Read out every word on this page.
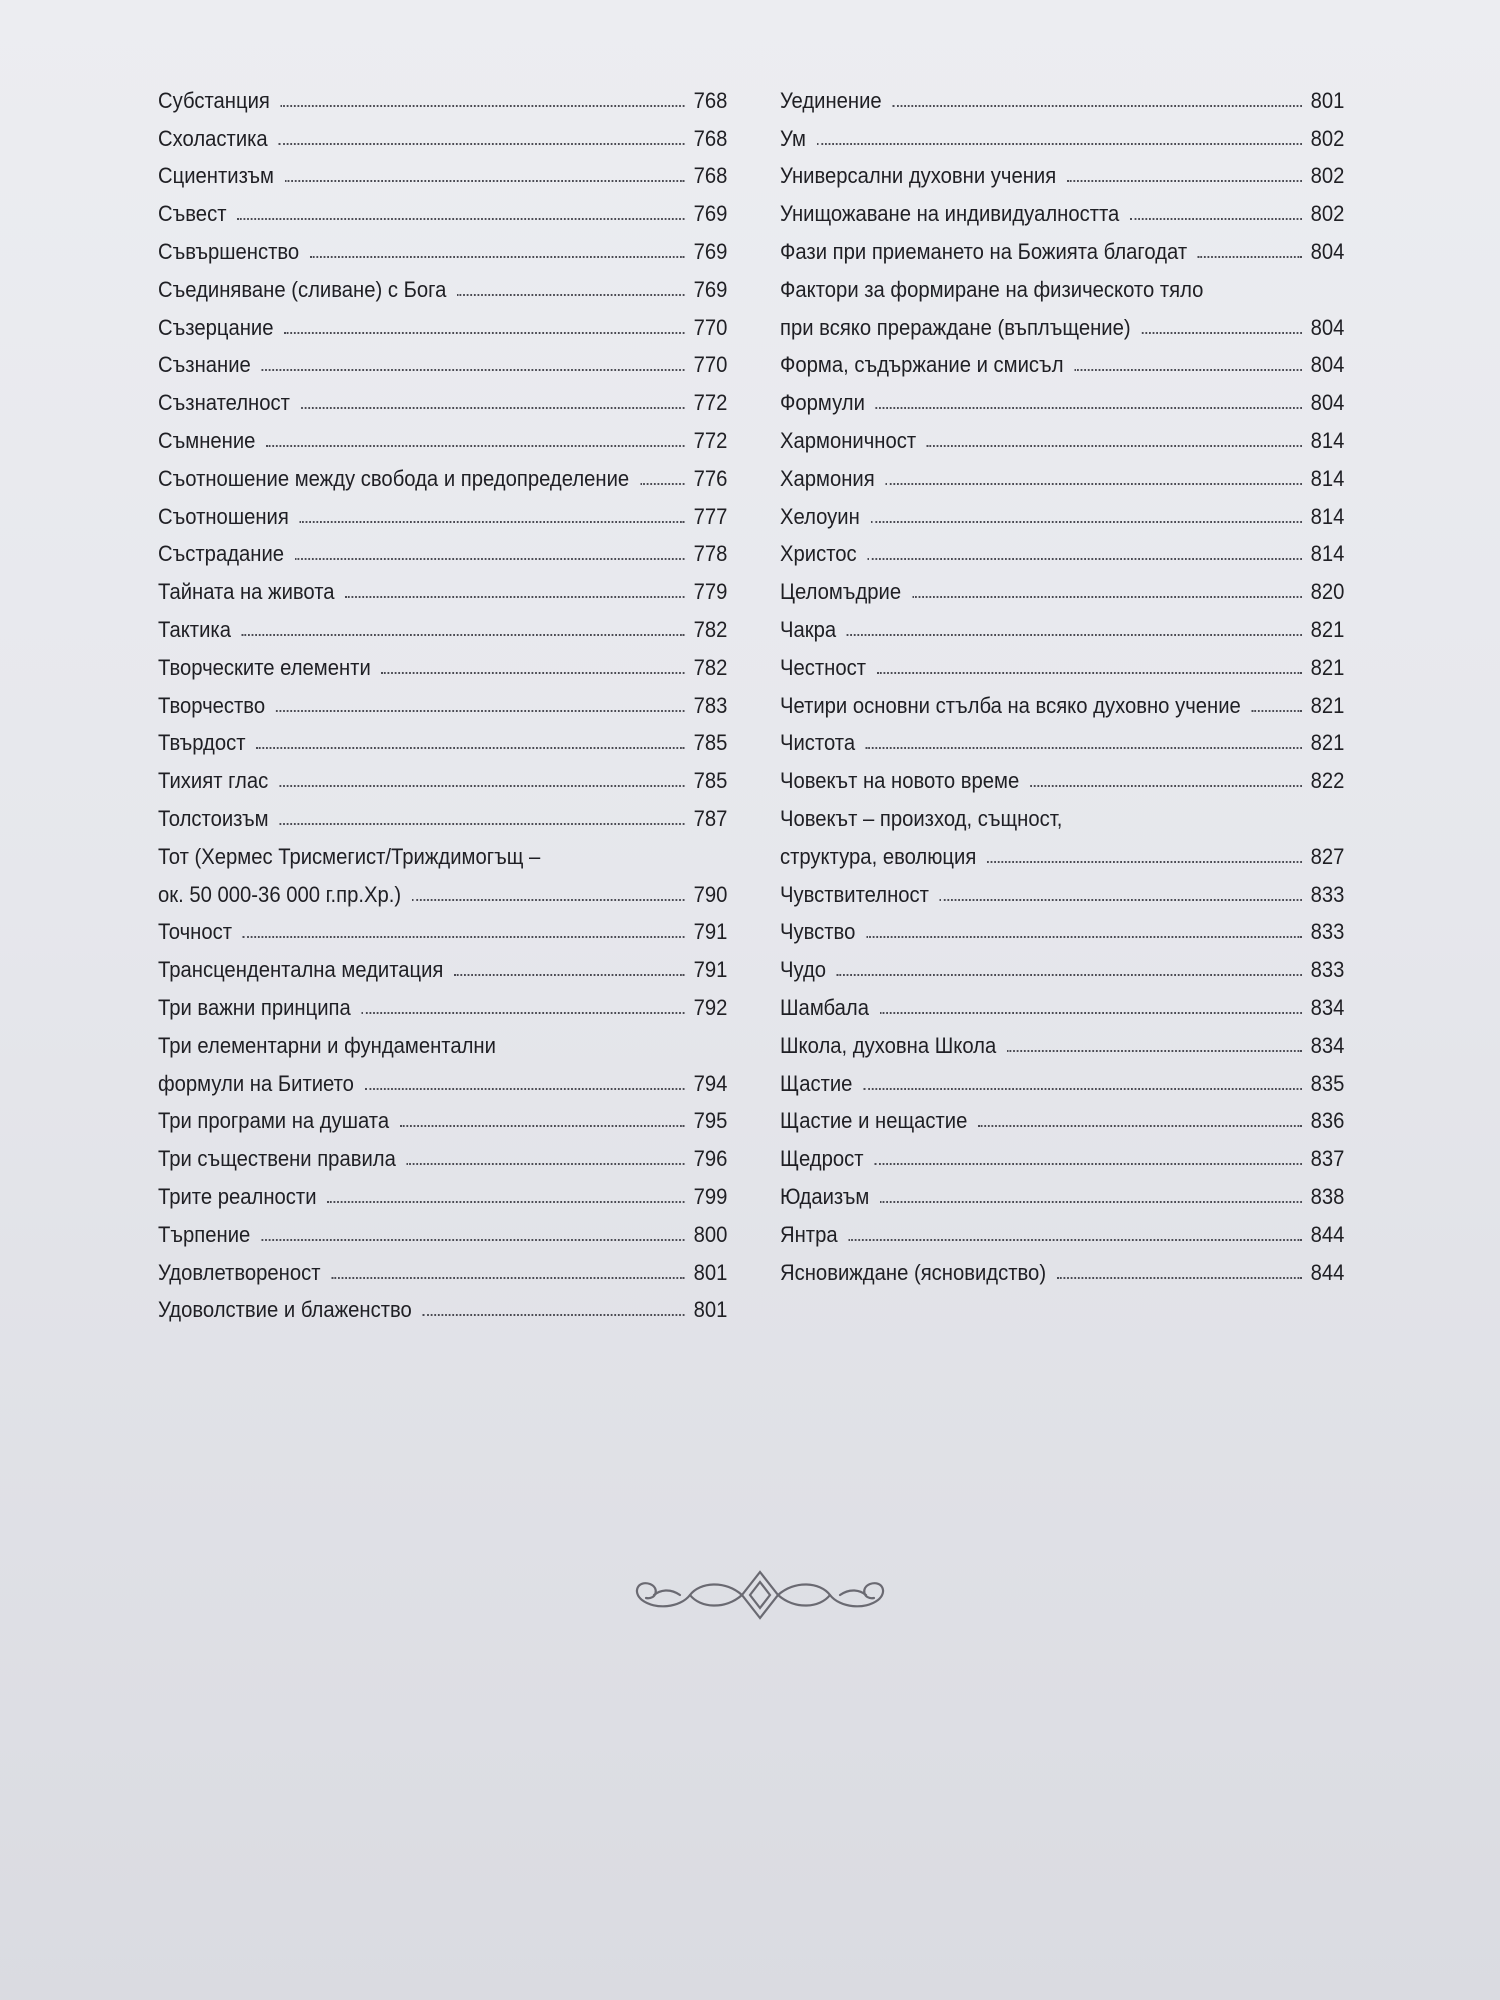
Субстанция	768
Схоластика	768
Сциентизъм	768
Съвест	769
Съвършенство	769
Съединяване (сливане) с Бога	769
Съзерцание	770
Съзнание	770
Съзнателност	772
Съмнение	772
Съотношение между свобода и предопределение	776
Съотношения	777
Състрадание	778
Тайната на живота	779
Тактика	782
Творческите елементи	782
Творчество	783
Твърдост	785
Тихият глас	785
Толстоизъм	787
Тот (Хермес Трисмегист/Триждимогъщ –
ок. 50 000-36 000 г.пр.Хр.)	790
Точност	791
Трансцендентална медитация	791
Три важни принципа	792
Три елементарни и фундаментални
формули на Битието	794
Три програми на душата	795
Три съществени правила	796
Трите реалности	799
Търпение	800
Удовлетвореност	801
Удоволствие и блаженство	801
Уединение	801
Ум	802
Универсални духовни учения	802
Унищожаване на индивидуалността	802
Фази при приемането на Божията благодат	804
Фактори за формиране на физическото тяло
при всяко прераждане (въплъщение)	804
Форма, съдържание и смисъл	804
Формули	804
Хармоничност	814
Хармония	814
Хелоуин	814
Христос	814
Целомъдрие	820
Чакра	821
Честност	821
Четири основни стълба на всяко духовно учение	821
Чистота	821
Човекът на новото време	822
Човекът – произход, същност,
структура, еволюция	827
Чувствителност	833
Чувство	833
Чудо	833
Шамбала	834
Школа, духовна Школа	834
Щастие	835
Щастие и нещастие	836
Щедрост	837
Юдаизъм	838
Янтра	844
Ясновиждане (ясновидство)	844
